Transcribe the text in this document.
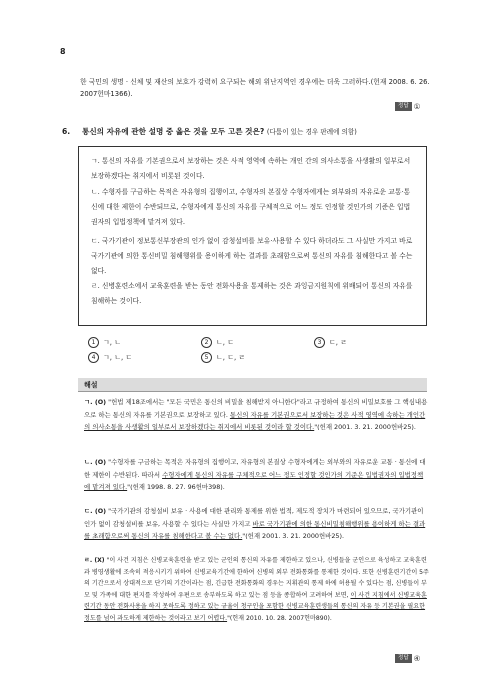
8
한 국민의 생명 · 신체 및 재산의 보호가 강력히 요구되는 해외 위난지역인 경우에는 더욱 그러하다.(헌재 2008. 6. 26. 2007헌마1366).
정답 ①
6. 통신의 자유에 관한 설명 중 옳은 것을 모두 고른 것은? (다툼이 있는 경우 판례에 의함)
ㄱ. 통신의 자유를 기본권으로서 보장하는 것은 사적 영역에 속하는 개인 간의 의사소통을 사생활의 일부로서 보장하겠다는 취지에서 비롯된 것이다.
ㄴ. 수형자를 구금하는 목적은 자유형의 집행이고, 수형자의 본질상 수형자에게는 외부와의 자유로운 교통·통신에 대한 제한이 수반되므로, 수형자에게 통신의 자유를 구체적으로 어느 정도 인정할 것인가의 기준은 입법권자의 입법정책에 맡겨져 있다.
ㄷ. 국가기관이 정보통신부장관의 인가 없이 감청설비를 보유·사용할 수 있다 하더라도 그 사실만 가지고 바로 국가기관에 의한 통신비밀 침해행위를 용이하게 하는 결과를 초래함으로써 통신의 자유를 침해한다고 볼 수는 없다.
ㄹ. 신병훈련소에서 교육훈련을 받는 동안 전화사용을 통제하는 것은 과잉금지원칙에 위배되어 통신의 자유를 침해하는 것이다.
1 ㄱ, ㄴ	2 ㄴ, ㄷ	3 ㄷ, ㄹ
4 ㄱ, ㄴ, ㄷ	5 ㄴ, ㄷ, ㄹ
해설
ㄱ. (O) "헌법 제18조에서는 "모든 국민은 통신의 비밀을 침해받지 아니한다"라고 규정하여 통신의 비밀보호를 그 핵심내용으로 하는 통신의 자유를 기본권으로 보장하고 있다. 통신의 자유를 기본권으로서 보장하는 것은 사적 영역에 속하는 개인간의 의사소통을 사생활의 일부로서 보장하겠다는 취지에서 비롯된 것이라 할 것이다."(헌재 2001. 3. 21. 2000헌바25).
ㄴ. (O) "수형자를 구금하는 목적은 자유형의 집행이고, 자유형의 본질상 수형자에게는 외부와의 자유로운 교통 · 통신에 대한 제한이 수반된다. 따라서 수형자에게 통신의 자유를 구체적으로 어느 정도 인정할 것인가의 기준은 입법권자의 입법정책에 맡겨져 있다."(헌재 1998. 8. 27. 96헌마398).
ㄷ. (O) "국가기관의 감청설비 보유 · 사용에 대한 관리와 통제를 위한 법적, 제도적 장치가 마련되어 있으므로, 국가기관이 인가 없이 감청설비를 보유, 사용할 수 있다는 사실만 가지고 바로 국가기관에 의한 통신비밀침해행위를 용이하게 하는 결과를 초래함으로써 통신의 자유를 침해한다고 볼 수는 없다."(헌재 2001. 3. 21. 2000헌바25).
ㄹ. (X) "이 사건 지침은 신병교육훈련을 받고 있는 군인의 통신의 자유를 제한하고 있으나, 신병들을 군인으로 육성하고 교육훈련과 병영생활에 조속히 적응시키기 위하여 신병교육기간에 한하여 신병의 외부 전화통화를 통제한 것이다. 또한 신병훈련기간이 5주의 기간으로서 상대적으로 단기의 기간이라는 점, 긴급한 전화통화의 경우는 지휘관의 통제 하에 허용될 수 있다는 점, 신병들이 부모 및 가족에 대한 편지를 작성하여 우편으로 송부하도록 하고 있는 점 등을 종합하여 고려하여 보면, 이 사건 지침에서 신병교육훈련기간 동안 전화사용을 하지 못하도록 정하고 있는 규율이 청구인을 포함한 신병교육훈련생들의 통신의 자유 등 기본권을 필요한 정도를 넘어 과도하게 제한하는 것이라고 보기 어렵다."(헌재 2010. 10. 28. 2007헌마890).
정답 ④
